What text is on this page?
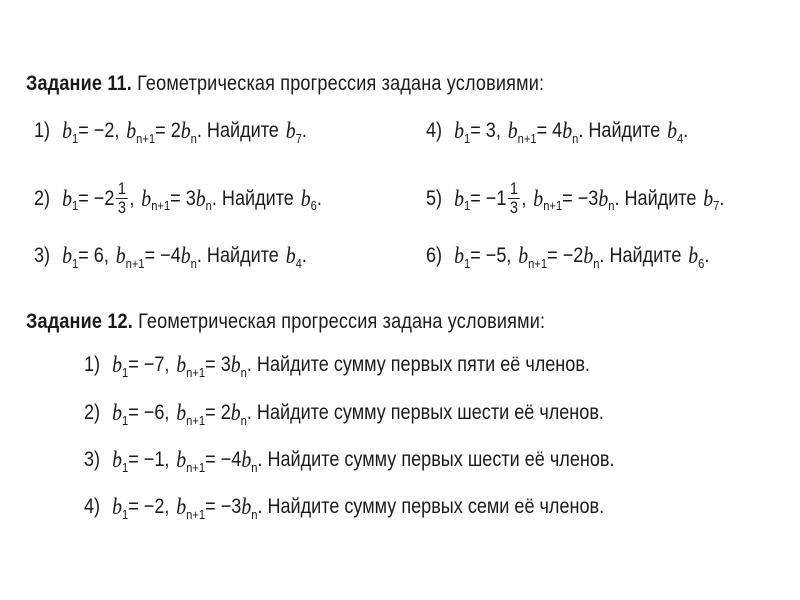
Задание 11. Геометрическая прогрессия задана условиями:
1) b 1 = −2, b n+1 = 2 b n . Найдите b 7 .
2) b $1 = -2 \frac{1}{3}$ , b n+1 = 3 b n . Найдите b 6 .
3) b 1 = 6, b n+1 = −4 b n . Найдите b 4 .
4) b 1 = 3, b n+1 = 4 b n . Найдите b 4 .
5) b $1 = -1 \frac{1}{3}$ , b n+1 = −3 b n . Найдите b 7 .
6) b 1 = −5, b n+1 = −2 b n . Найдите b 6 .
Задание 12. Геометрическая прогрессия задана условиями:
1) b 1 = −7, b n+1 = 3 b n . Найдите сумму первых пяти её членов.
2) b 1 = −6, b n+1 = 2 b n . Найдите сумму первых шести её членов.
3) b 1 = −1, b n+1 = −4 b n . Найдите сумму первых шести её членов.
4) b 1 = −2, b n+1 = −3 b n . Найдите сумму первых семи её членов.
